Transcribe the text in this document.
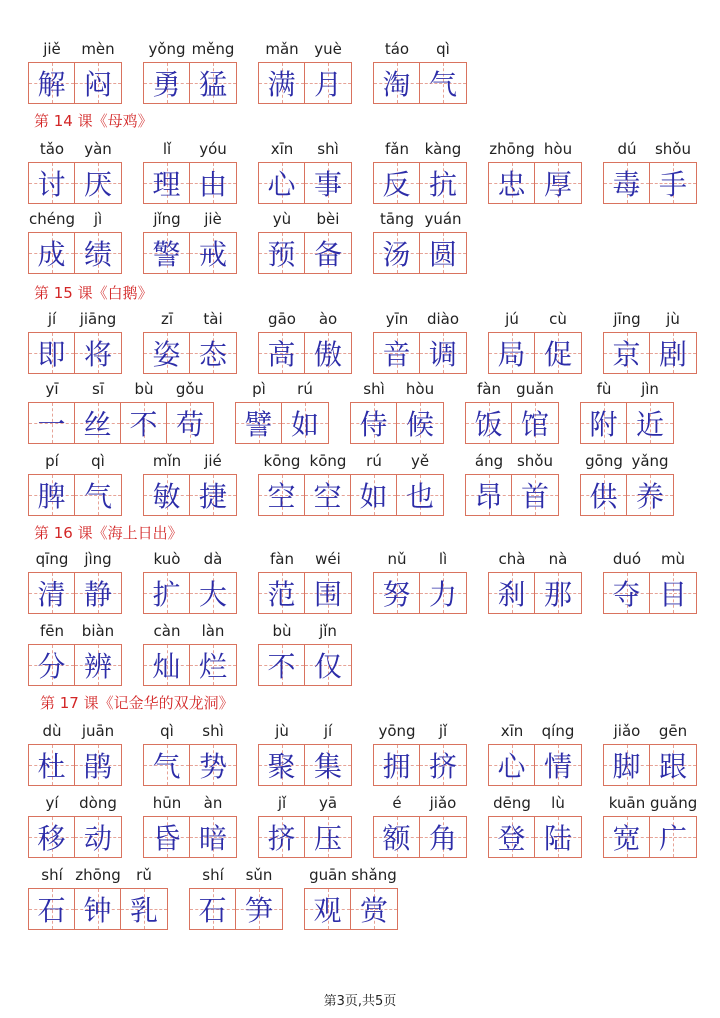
jiě	mèn
解 闷
yǒng měng
勇 猛
mǎn	yuè
满 月
táo	qì
淘 气
tǎo	yàn
讨 厌
lǐ	yóu
理 由
xīn	shì
心 事
fǎn	kàng
反 抗
zhōng hòu
忠 厚
dú	shǒu
毒 手
chéng	jì
成 绩
jǐng	jiè
警 戒
yù	bèi
预 备
tāng yuán
汤 圆
jí	jiāng
即 将
zī	tài
姿 态
gāo	ào
高 傲
yīn	diào
音 调
jú	cù
局 促
jīng	jù
京 剧
yī	sī	bù	gǒu
一 丝 不 苟
pì	rú
譬 如
shì	hòu
侍 候
fàn	guǎn
饭 馆
fù	jìn
附 近
pí	qì
脾 气
mǐn	jié
敏 捷
kōng kōng	rú	yě
空 空 如 也
áng shǒu
昂 首
gōng yǎng
供 养
qīng	jìng
清 静
kuò	dà
扩 大
fàn	wéi
范 围
nǔ	lì
努 力
chà	nà
刹 那
duó	mù
夺 目
fēn	biàn
分 辨
càn	làn
灿 烂
bù	jǐn
不 仅
dù	juān
杜 鹃
qì	shì
气 势
jù	jí
聚 集
yōng	jǐ
拥 挤
xīn	qíng
心 情
jiǎo	gēn
脚 跟
yí	dòng
移 动
hūn	àn
昏 暗
jǐ	yā
挤 压
é	jiǎo
额 角
dēng	lù
登 陆
kuān guǎng
宽 广
shí zhōng	rǔ
石 钟 乳
shí	sǔn
石 笋
guān shǎng
观 赏
第 14 课《母鸡》
第 15 课《白鹅》
第 16 课《海上日出》
第 17 课《记金华的双龙洞》
第3页,共5页
